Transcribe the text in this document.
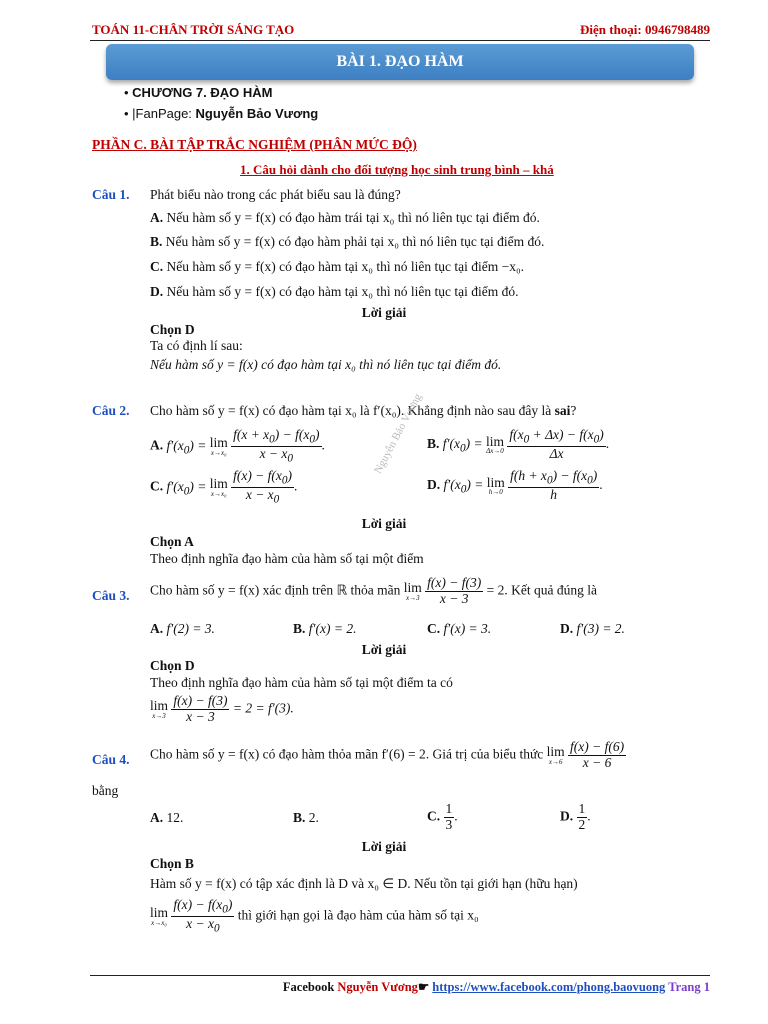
TOÁN 11-CHÂN TRỜI SÁNG TẠO	Điện thoại: 0946798489
BÀI 1. ĐẠO HÀM
• CHƯƠNG 7. ĐẠO HÀM
• |FanPage: Nguyễn Bảo Vương
PHẦN C. BÀI TẬP TRẮC NGHIỆM (PHÂN MỨC ĐỘ)
1. Câu hỏi dành cho đối tượng học sinh trung bình – khá
Câu 1. Phát biểu nào trong các phát biểu sau là đúng?
A. Nếu hàm số y = f(x) có đạo hàm trái tại x₀ thì nó liên tục tại điểm đó.
B. Nếu hàm số y = f(x) có đạo hàm phải tại x₀ thì nó liên tục tại điểm đó.
C. Nếu hàm số y = f(x) có đạo hàm tại x₀ thì nó liên tục tại điểm −x₀.
D. Nếu hàm số y = f(x) có đạo hàm tại x₀ thì nó liên tục tại điểm đó.
Lời giải
Chọn D
Ta có định lí sau:
Nếu hàm số y = f(x) có đạo hàm tại x₀ thì nó liên tục tại điểm đó.
Câu 2. Cho hàm số y = f(x) có đạo hàm tại x₀ là f′(x₀). Khẳng định nào sau đây là sai?
A. $f'(x_0) = \lim$
x→x₀
$\frac{f(x + x_0) - f(x_0)}{x - x_0}$ .	B. $f'(x_0) = \lim$
Δx→0
$\frac{f(x_0 + \Delta x) - f(x_0)}{\Delta x}$ .
C. $f'(x_0) = \lim$
x→x₀
$\frac{f(x) - f(x_0)}{x - x_0}$ .	D. $f'(x_0) = \lim$
h→0
$\frac{f(h + x_0) - f(x_0)}{h}$ .
Lời giải
Chọn A
Theo định nghĩa đạo hàm của hàm số tại một điểm
Nguyễn Bảo Vương
Câu 3. Cho hàm số y = f(x) xác định trên ℝ thỏa mãn lim
x→3
$\frac{f(x) - f(3)}{x - 3} = 2$. Kết quả đúng là
A. f′(2) = 3.	B. f′(x) = 2.	C. f′(x) = 3.	D. f′(3) = 2.
Lời giải
Chọn D
Theo định nghĩa đạo hàm của hàm số tại một điểm ta có
lim
x→3
$\frac{f(x) - f(3)}{x - 3} = 2 = f'(3)$.
Câu 4. Cho hàm số y = f(x) có đạo hàm thỏa mãn f′(6) = 2. Giá trị của biểu thức lim
x→6
$\frac{f(x) - f(6)}{x - 6}$
bằng
A. 12.	B. 2.	C. $\frac{1}{3}$ .	D. $\frac{1}{2}$ .
Lời giải
Chọn B
Hàm số y = f(x) có tập xác định là D và x₀ ∈ D. Nếu tồn tại giới hạn (hữu hạn)
lim
x→x₀
$\frac{f(x) - f(x_0)}{x - x_0}$ thì giới hạn gọi là đạo hàm của hàm số tại x₀
Facebook Nguyễn Vương☛ https://www.facebook.com/phong.baovuong Trang 1
